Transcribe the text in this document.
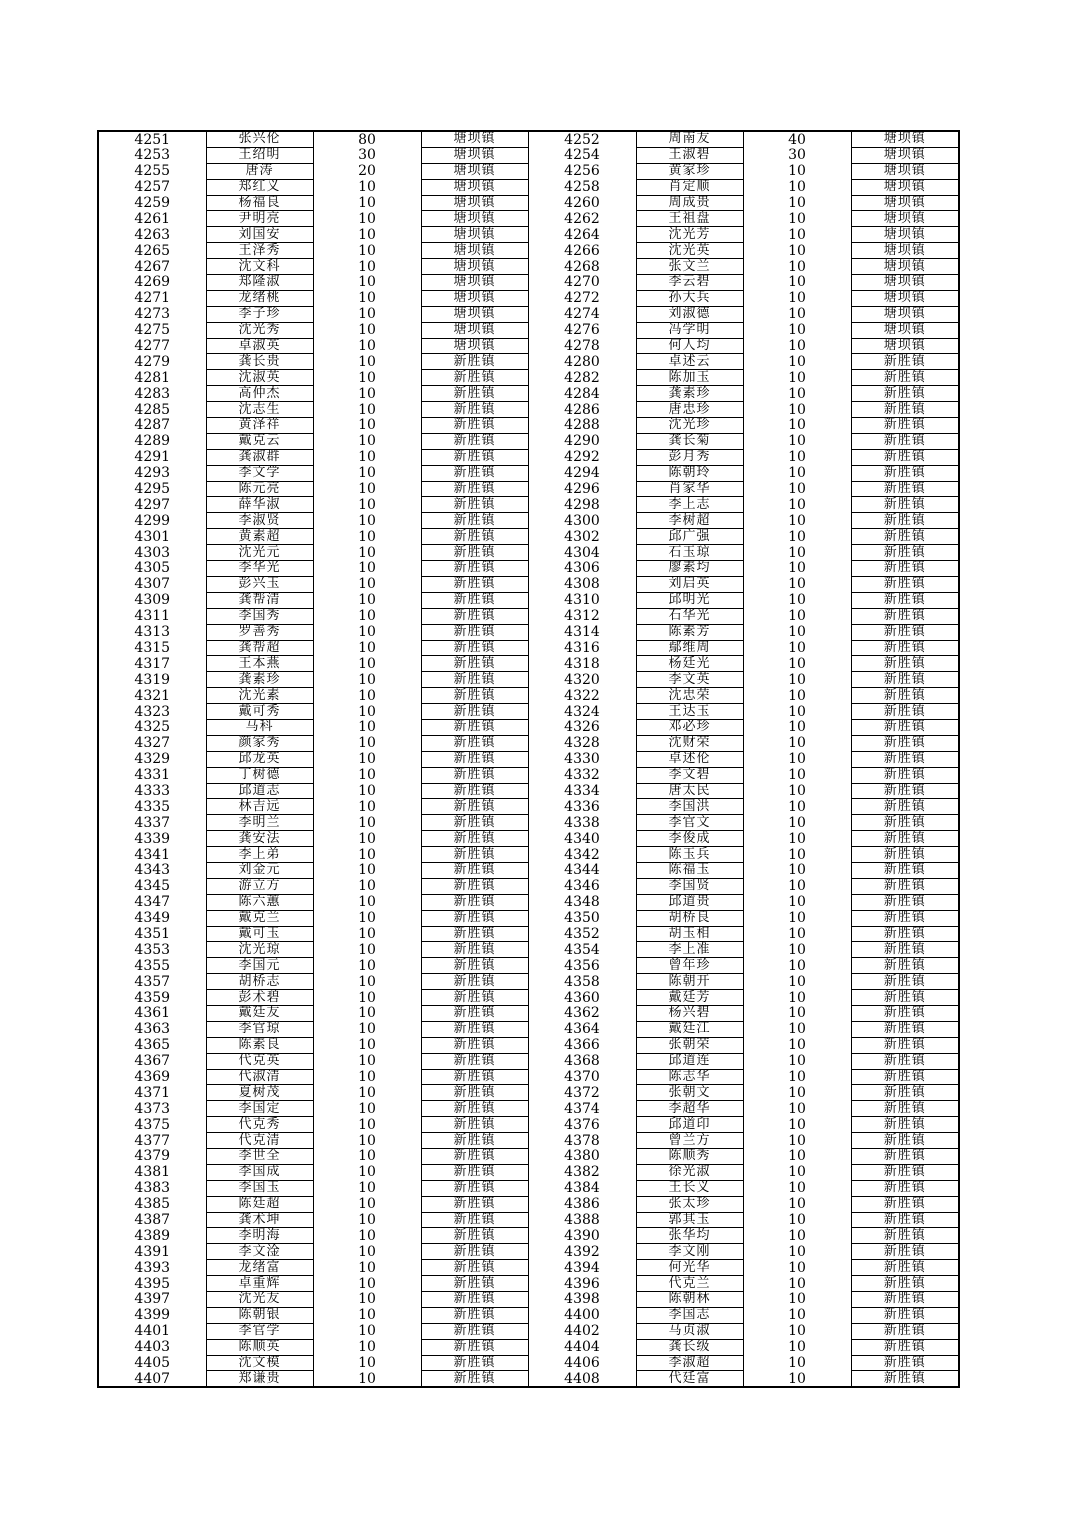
4251	张兴伦	80	塘坝镇	4252	周南友	40	塘坝镇
4253	王绍明	30	塘坝镇	4254	王淑碧	30	塘坝镇
4255	唐涛	20	塘坝镇	4256	黄家珍	10	塘坝镇
4257	郑红义	10	塘坝镇	4258	肖定顺	10	塘坝镇
4259	杨福良	10	塘坝镇	4260	周成贵	10	塘坝镇
4261	尹明亮	10	塘坝镇	4262	王祖盘	10	塘坝镇
4263	刘国安	10	塘坝镇	4264	沈光芳	10	塘坝镇
4265	王泽秀	10	塘坝镇	4266	沈光英	10	塘坝镇
4267	沈文科	10	塘坝镇	4268	张文兰	10	塘坝镇
4269	郑隆淑	10	塘坝镇	4270	李云碧	10	塘坝镇
4271	龙绪桃	10	塘坝镇	4272	孙大兵	10	塘坝镇
4273	李子珍	10	塘坝镇	4274	刘淑德	10	塘坝镇
4275	沈光秀	10	塘坝镇	4276	冯学明	10	塘坝镇
4277	卓淑英	10	塘坝镇	4278	何人均	10	塘坝镇
4279	龚长贵	10	新胜镇	4280	卓述云	10	新胜镇
4281	沈淑英	10	新胜镇	4282	陈加玉	10	新胜镇
4283	高仲杰	10	新胜镇	4284	龚素珍	10	新胜镇
4285	沈志生	10	新胜镇	4286	唐忠珍	10	新胜镇
4287	黄泽祥	10	新胜镇	4288	沈光珍	10	新胜镇
4289	戴克云	10	新胜镇	4290	龚长菊	10	新胜镇
4291	龚淑群	10	新胜镇	4292	彭月秀	10	新胜镇
4293	李文学	10	新胜镇	4294	陈朝玲	10	新胜镇
4295	陈元亮	10	新胜镇	4296	肖家华	10	新胜镇
4297	薛华淑	10	新胜镇	4298	李上志	10	新胜镇
4299	李淑贤	10	新胜镇	4300	李树超	10	新胜镇
4301	黄素超	10	新胜镇	4302	邱广强	10	新胜镇
4303	沈光元	10	新胜镇	4304	石玉琼	10	新胜镇
4305	李华光	10	新胜镇	4306	廖素均	10	新胜镇
4307	彭兴玉	10	新胜镇	4308	刘启英	10	新胜镇
4309	龚帮清	10	新胜镇	4310	邱明光	10	新胜镇
4311	李国秀	10	新胜镇	4312	石华光	10	新胜镇
4313	罗善秀	10	新胜镇	4314	陈素芳	10	新胜镇
4315	龚帮超	10	新胜镇	4316	鄢维周	10	新胜镇
4317	王本燕	10	新胜镇	4318	杨廷光	10	新胜镇
4319	龚素珍	10	新胜镇	4320	李文英	10	新胜镇
4321	沈光素	10	新胜镇	4322	沈忠荣	10	新胜镇
4323	戴可秀	10	新胜镇	4324	王达玉	10	新胜镇
4325	马科	10	新胜镇	4326	邓必珍	10	新胜镇
4327	颜家秀	10	新胜镇	4328	沈财荣	10	新胜镇
4329	邱龙英	10	新胜镇	4330	卓述伦	10	新胜镇
4331	丁树德	10	新胜镇	4332	李文碧	10	新胜镇
4333	邱道志	10	新胜镇	4334	唐太民	10	新胜镇
4335	林吉远	10	新胜镇	4336	李国洪	10	新胜镇
4337	李明兰	10	新胜镇	4338	李官文	10	新胜镇
4339	龚安法	10	新胜镇	4340	李俊成	10	新胜镇
4341	李上弟	10	新胜镇	4342	陈玉兵	10	新胜镇
4343	刘金元	10	新胜镇	4344	陈福玉	10	新胜镇
4345	游立方	10	新胜镇	4346	李国贤	10	新胜镇
4347	陈六蕙	10	新胜镇	4348	邱道贵	10	新胜镇
4349	戴克兰	10	新胜镇	4350	胡桥良	10	新胜镇
4351	戴可玉	10	新胜镇	4352	胡玉相	10	新胜镇
4353	沈光琼	10	新胜镇	4354	李上准	10	新胜镇
4355	李国元	10	新胜镇	4356	曾年珍	10	新胜镇
4357	胡桥志	10	新胜镇	4358	陈朝开	10	新胜镇
4359	彭术碧	10	新胜镇	4360	戴廷芳	10	新胜镇
4361	戴廷友	10	新胜镇	4362	杨兴碧	10	新胜镇
4363	李官琼	10	新胜镇	4364	戴廷江	10	新胜镇
4365	陈素良	10	新胜镇	4366	张朝荣	10	新胜镇
4367	代克英	10	新胜镇	4368	邱道连	10	新胜镇
4369	代淑清	10	新胜镇	4370	陈志华	10	新胜镇
4371	夏树茂	10	新胜镇	4372	张朝文	10	新胜镇
4373	李国定	10	新胜镇	4374	李超华	10	新胜镇
4375	代克秀	10	新胜镇	4376	邱道印	10	新胜镇
4377	代克清	10	新胜镇	4378	曾兰方	10	新胜镇
4379	李世全	10	新胜镇	4380	陈顺秀	10	新胜镇
4381	李国成	10	新胜镇	4382	徐光淑	10	新胜镇
4383	李国玉	10	新胜镇	4384	王长义	10	新胜镇
4385	陈廷超	10	新胜镇	4386	张太珍	10	新胜镇
4387	龚术坤	10	新胜镇	4388	郭其玉	10	新胜镇
4389	李明海	10	新胜镇	4390	张华均	10	新胜镇
4391	李文淦	10	新胜镇	4392	李文刚	10	新胜镇
4393	龙绪富	10	新胜镇	4394	何光华	10	新胜镇
4395	卓重辉	10	新胜镇	4396	代克兰	10	新胜镇
4397	沈光友	10	新胜镇	4398	陈朝林	10	新胜镇
4399	陈朝银	10	新胜镇	4400	李国志	10	新胜镇
4401	李官学	10	新胜镇	4402	马贞淑	10	新胜镇
4403	陈顺英	10	新胜镇	4404	龚长级	10	新胜镇
4405	沈文模	10	新胜镇	4406	李淑超	10	新胜镇
4407	郑谦贵	10	新胜镇	4408	代廷富	10	新胜镇
